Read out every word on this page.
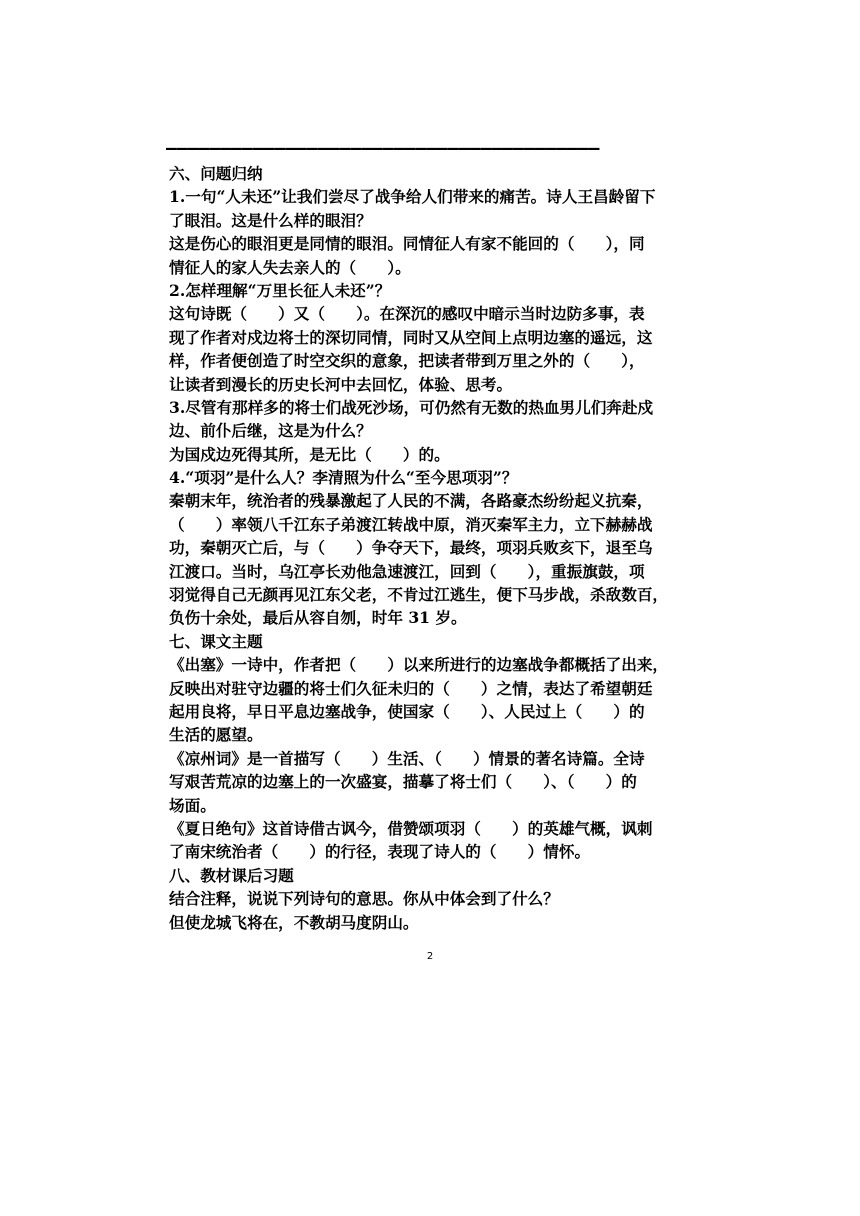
————————————————————————————————————————
六、问题归纳
1.一句“人未还”让我们尝尽了战争给人们带来的痛苦。诗人王昌龄留下
了眼泪。这是什么样的眼泪？
这是伤心的眼泪更是同情的眼泪。同情征人有家不能回的（　　），同
情征人的家人失去亲人的（　　）。
2.怎样理解“万里长征人未还”？
这句诗既（　　）又（　　）。在深沉的感叹中暗示当时边防多事，表
现了作者对戍边将士的深切同情，同时又从空间上点明边塞的遥远，这
样，作者便创造了时空交织的意象，把读者带到万里之外的（　　），
让读者到漫长的历史长河中去回忆，体验、思考。
3.尽管有那样多的将士们战死沙场，可仍然有无数的热血男儿们奔赴戍
边、前仆后继，这是为什么？
为国戍边死得其所，是无比（　　）的。
4.“项羽”是什么人？李清照为什么“至今思项羽”？
秦朝末年，统治者的残暴激起了人民的不满，各路豪杰纷纷起义抗秦，
（　　）率领八千江东子弟渡江转战中原，消灭秦军主力，立下赫赫战
功，秦朝灭亡后，与（　　）争夺天下，最终，项羽兵败亥下，退至乌
江渡口。当时，乌江亭长劝他急速渡江，回到（　　），重振旗鼓，项
羽觉得自己无颜再见江东父老，不肯过江逃生，便下马步战，杀敌数百，
负伤十余处，最后从容自刎，时年 31 岁。
七、课文主题
《出塞》一诗中，作者把（　　）以来所进行的边塞战争都概括了出来，
反映出对驻守边疆的将士们久征未归的（　　）之情，表达了希望朝廷
起用良将，早日平息边塞战争，使国家（　　）、人民过上（　　）的
生活的愿望。
《凉州词》是一首描写（　　）生活、（　　）情景的著名诗篇。全诗
写艰苦荒凉的边塞上的一次盛宴，描摹了将士们（　　）、（　　）的
场面。
《夏日绝句》这首诗借古讽今，借赞颂项羽（　　）的英雄气概，讽刺
了南宋统治者（　　）的行径，表现了诗人的（　　）情怀。
八、教材课后习题
结合注释，说说下列诗句的意思。你从中体会到了什么？
但使龙城飞将在，不教胡马度阴山。
2
